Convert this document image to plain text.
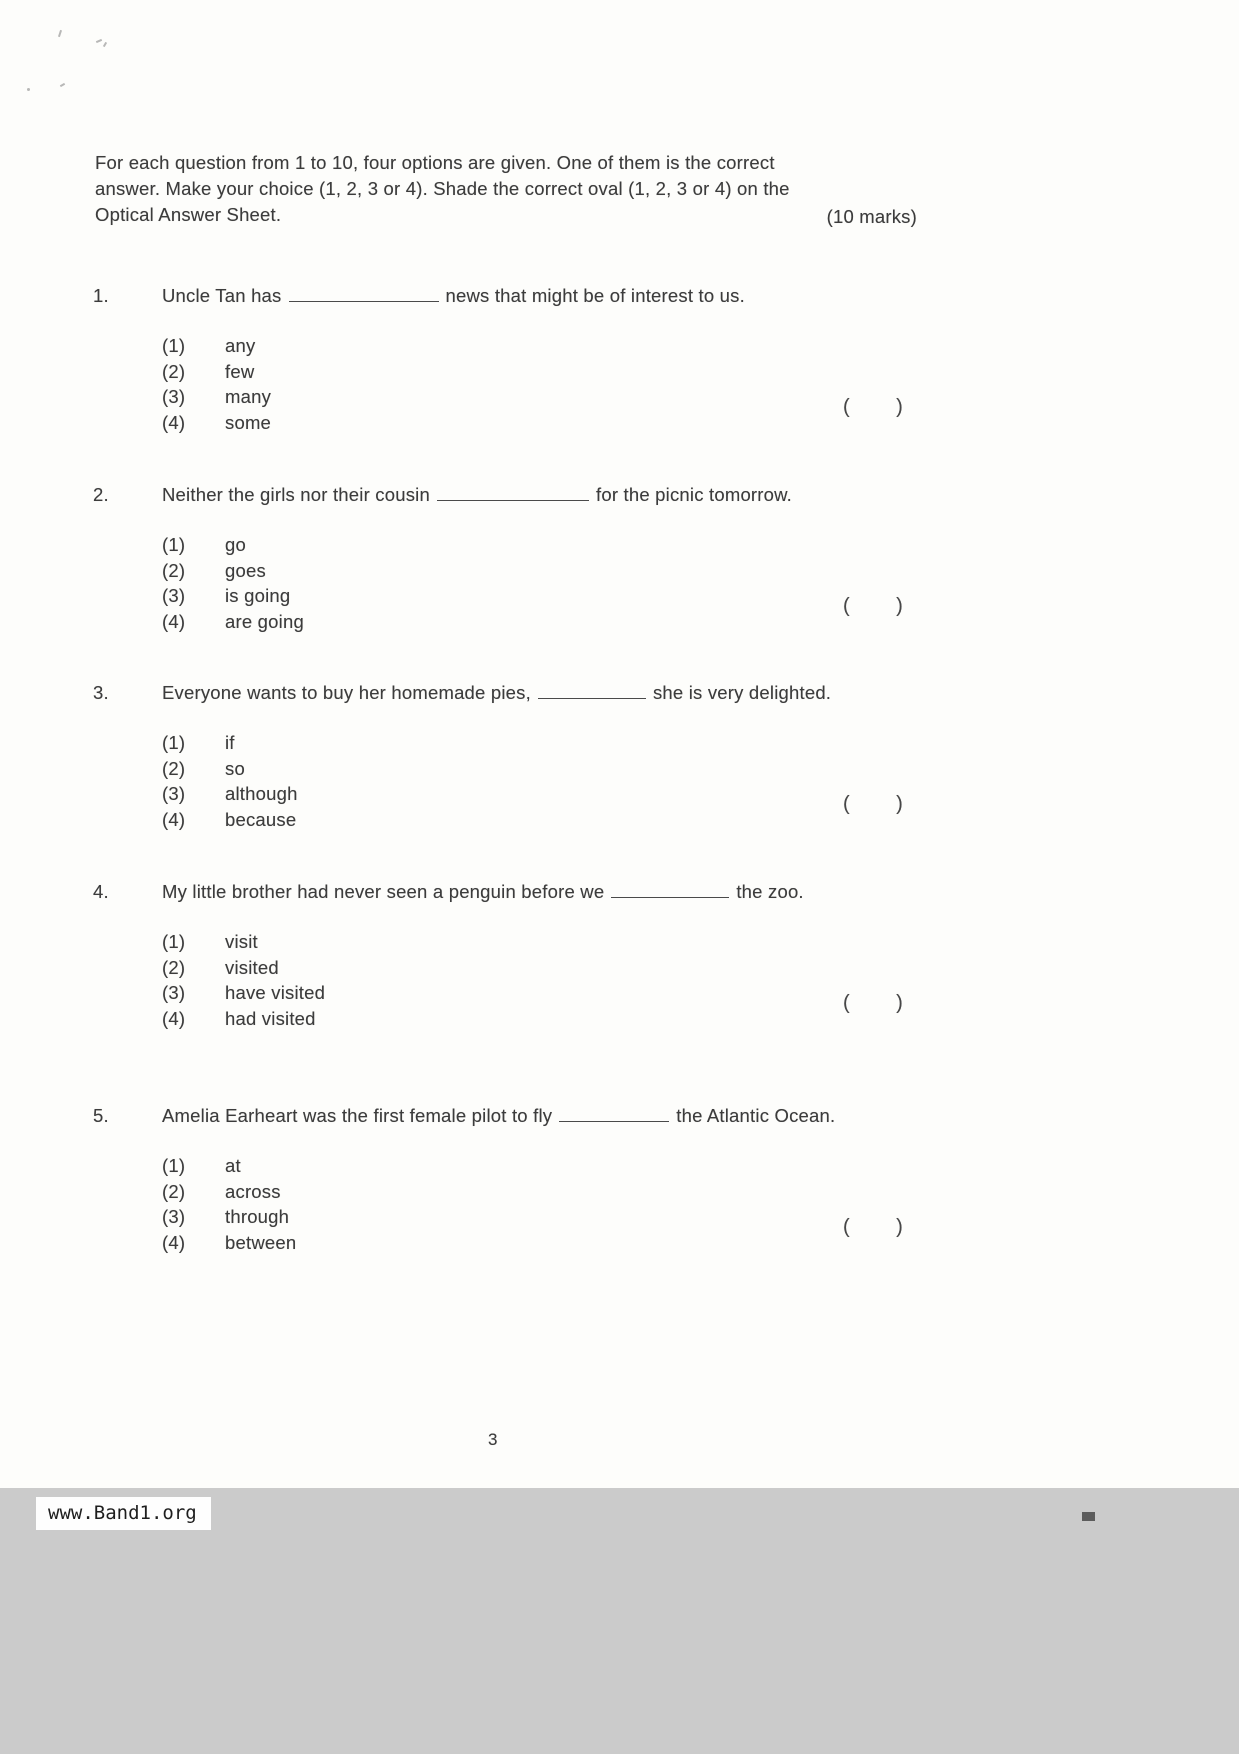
For each question from 1 to 10, four options are given. One of them is the correct
answer. Make your choice (1, 2, 3 or 4). Shade the correct oval (1, 2, 3 or 4) on the
Optical Answer Sheet.	(10 marks)
1.	Uncle Tan has	news that might be of interest to us.
(1)	any
(2)	few
(3)	many
(4)	some
( )
2.	Neither the girls nor their cousin	for the picnic tomorrow.
(1)	go
(2)	goes
(3)	is going
(4)	are going
( )
3.	Everyone wants to buy her homemade pies,	she is very delighted.
(1)	if
(2)	so
(3)	although
(4)	because
( )
4.	My little brother had never seen a penguin before we	the zoo.
(1)	visit
(2)	visited
(3)	have visited
(4)	had visited
( )
5.	Amelia Earheart was the first female pilot to fly	the Atlantic Ocean.
(1)	at
(2)	across
(3)	through
(4)	between
( )
3
www.Band1.org
